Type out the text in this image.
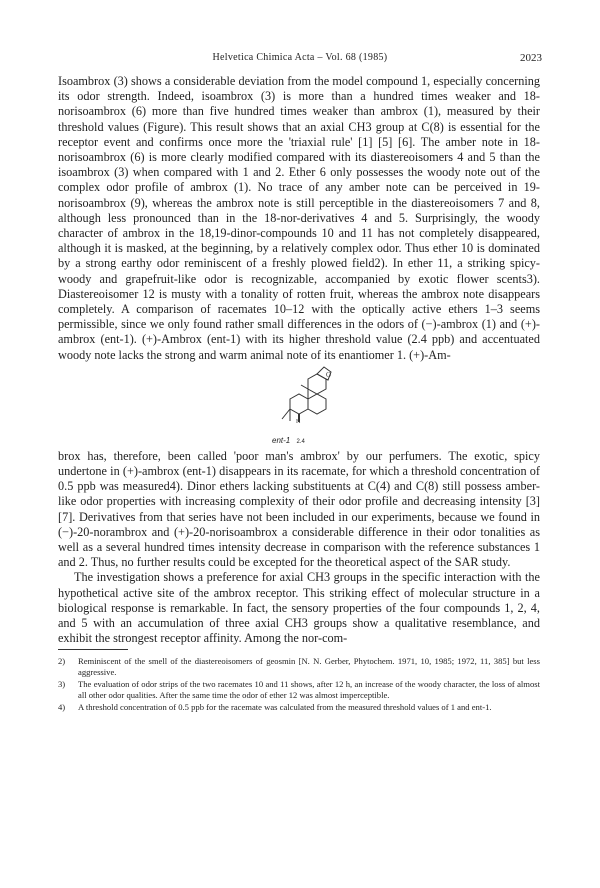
Helvetica Chimica Acta – Vol. 68 (1985)	2023

Isoambrox (3) shows a considerable deviation from the model compound 1, especially concerning its odor strength. Indeed, isoambrox (3) is more than a hundred times weaker and 18-norisoambrox (6) more than five hundred times weaker than ambrox (1), measured by their threshold values (Figure). This result shows that an axial CH3 group at C(8) is essential for the receptor event and confirms once more the 'triaxial rule' [1] [5] [6]. The amber note in 18-norisoambrox (6) is more clearly modified compared with its diastereoisomers 4 and 5 than the isoambrox (3) when compared with 1 and 2. Ether 6 only possesses the woody note out of the complex odor profile of ambrox (1). No trace of any amber note can be perceived in 19-norisoambrox (9), whereas the ambrox note is still perceptible in the diastereoisomers 7 and 8, although less pronounced than in the 18-nor-derivatives 4 and 5. Surprisingly, the woody character of ambrox in the 18,19-dinor-compounds 10 and 11 has not completely disappeared, although it is masked, at the beginning, by a relatively complex odor. Thus ether 10 is dominated by a strong earthy odor reminiscent of a freshly plowed field2). In ether 11, a striking spicy-woody and grapefruit-like odor is recognizable, accompanied by exotic flower scents3). Diastereoisomer 12 is musty with a tonality of rotten fruit, whereas the ambrox note disappears completely. A comparison of racemates 10–12 with the optically active ethers 1–3 seems permissible, since we only found rather small differences in the odors of (−)-ambrox (1) and (+)-ambrox (ent-1). (+)-Ambrox (ent-1) with its higher threshold value (2.4 ppb) and accentuated woody note lacks the strong and warm animal note of its enantiomer 1. (+)-Am-

O
H
ent-1 2.4

brox has, therefore, been called 'poor man's ambrox' by our perfumers. The exotic, spicy undertone in (+)-ambrox (ent-1) disappears in its racemate, for which a threshold concentration of 0.5 ppb was measured4). Dinor ethers lacking substituents at C(4) and C(8) still possess amber-like odor properties with increasing complexity of their odor profile and decreasing intensity [3] [7]. Derivatives from that series have not been included in our experiments, because we found in (−)-20-norambrox and (+)-20-norisoambrox a considerable difference in their odor tonalities as well as a several hundred times intensity decrease in comparison with the reference substances 1 and 2. Thus, no further results could be excepted for the theoretical aspect of the SAR study.

The investigation shows a preference for axial CH3 groups in the specific interaction with the hypothetical active site of the ambrox receptor. This striking effect of molecular structure in a biological response is remarkable. In fact, the sensory properties of the four compounds 1, 2, 4, and 5 with an accumulation of three axial CH3 groups show a qualitative resemblance, and exhibit the strongest receptor affinity. Among the nor-com-

2)	Reminiscent of the smell of the diastereoisomers of geosmin [N. N. Gerber, Phytochem. 1971, 10, 1985; 1972, 11, 385] but less aggressive.
3)	The evaluation of odor strips of the two racemates 10 and 11 shows, after 12 h, an increase of the woody character, the loss of almost all other odor qualities. After the same time the odor of ether 12 was almost imperceptible.
4)	A threshold concentration of 0.5 ppb for the racemate was calculated from the measured threshold values of 1 and ent-1.
